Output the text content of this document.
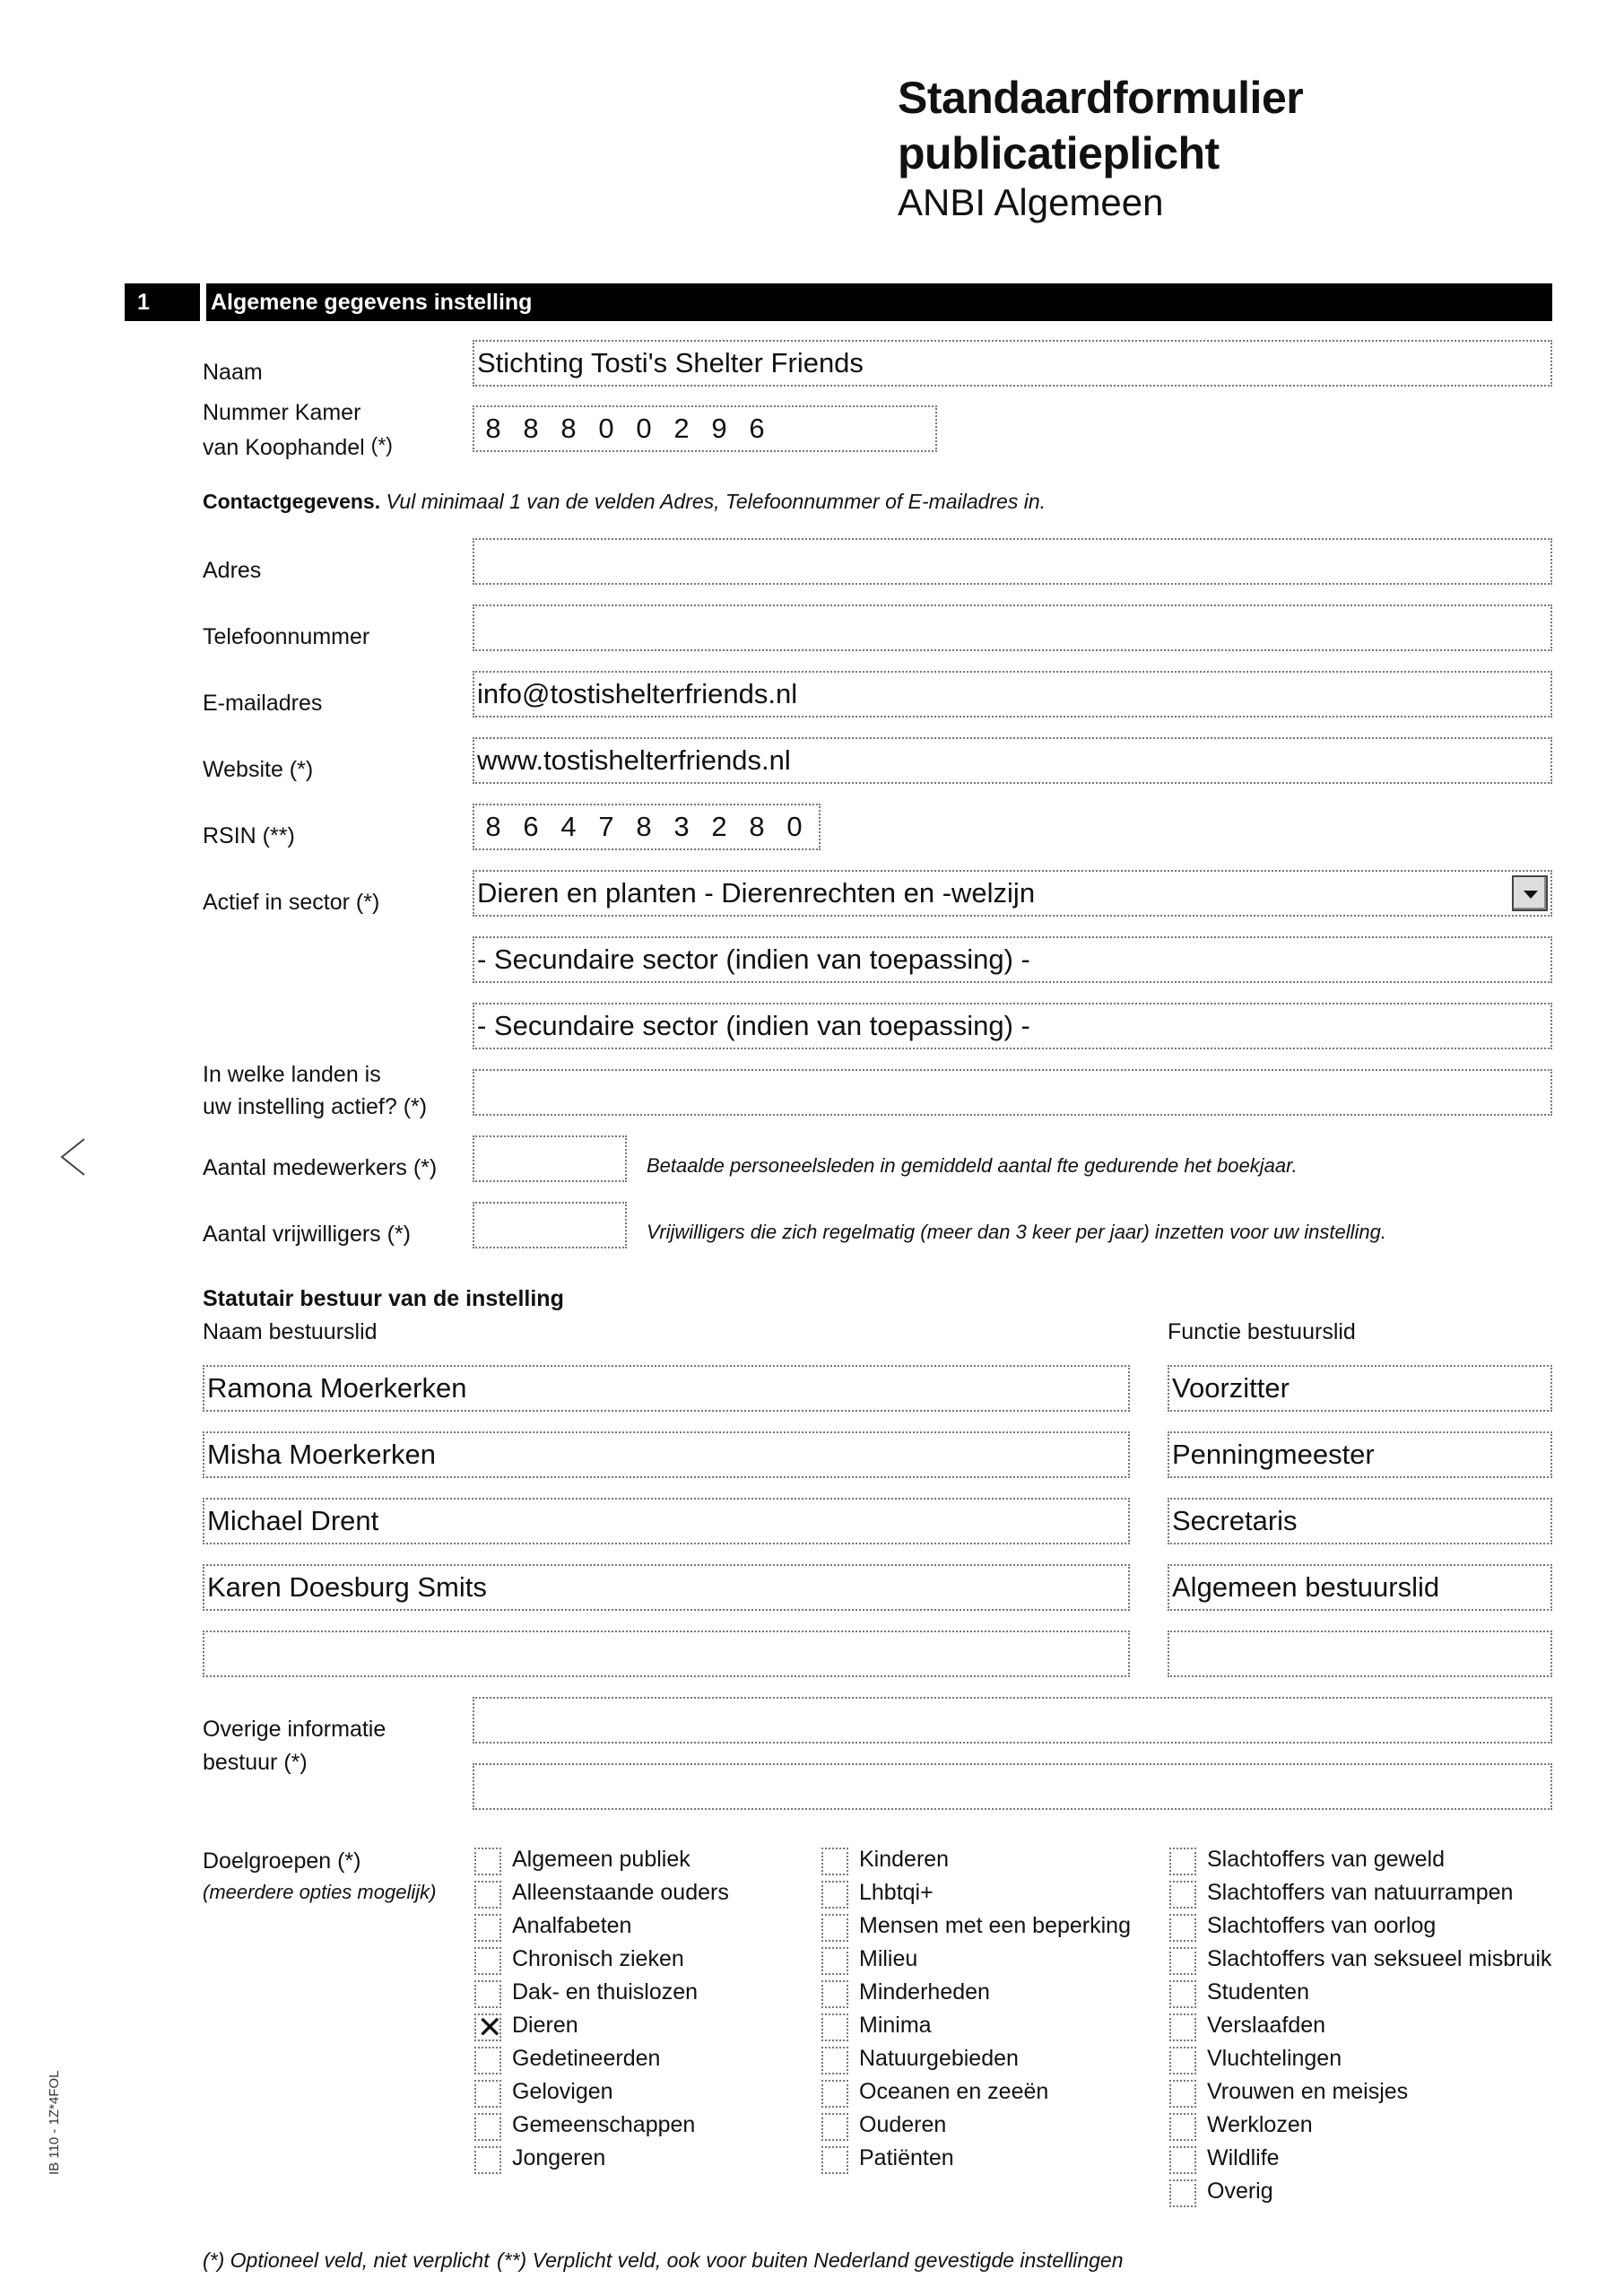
Standaardformulier
publicatieplicht
ANBI Algemeen
1	Algemene gegevens instelling
Naam	Stichting Tosti's Shelter Friends
Nummer Kamer
van Koophandel (*)
8 8 8 0 0 2 9 6
Contactgegevens. Vul minimaal 1 van de velden Adres, Telefoonnummer of E-mailadres in.
Adres
Telefoonnummer
E-mailadres	info@tostishelterfriends.nl
Website (*)	www.tostishelterfriends.nl
RSIN (**)	8 6 4 7 8 3 2 8 0
Actief in sector (*)	Dieren en planten - Dierenrechten en -welzijn
- Secundaire sector (indien van toepassing) -
- Secundaire sector (indien van toepassing) -
In welke landen is
uw instelling actief? (*)
Aantal medewerkers (*)	Betaalde personeelsleden in gemiddeld aantal fte gedurende het boekjaar.
Aantal vrijwilligers (*)	Vrijwilligers die zich regelmatig (meer dan 3 keer per jaar) inzetten voor uw instelling.
Statutair bestuur van de instelling
Naam bestuurslid	Functie bestuurslid
Ramona Moerkerken	Voorzitter
Misha Moerkerken	Penningmeester
Michael Drent	Secretaris
Karen Doesburg Smits	Algemeen bestuurslid
Overige informatie
bestuur (*)
Doelgroepen (*)
(meerdere opties mogelijk)
Algemeen publiek
Alleenstaande ouders
Analfabeten
Chronisch zieken
Dak- en thuislozen
✕ Dieren
Gedetineerden
Gelovigen
Gemeenschappen
Jongeren
Kinderen
Lhbtqi+
Mensen met een beperking
Milieu
Minderheden
Minima
Natuurgebieden
Oceanen en zeeën
Ouderen
Patiënten
Slachtoffers van geweld
Slachtoffers van natuurrampen
Slachtoffers van oorlog
Slachtoffers van seksueel misbruik
Studenten
Verslaafden
Vluchtelingen
Vrouwen en meisjes
Werklozen
Wildlife
Overig
(*) Optioneel veld, niet verplicht (**) Verplicht veld, ook voor buiten Nederland gevestigde instellingen
IB 110 - 1Z*4FOL
